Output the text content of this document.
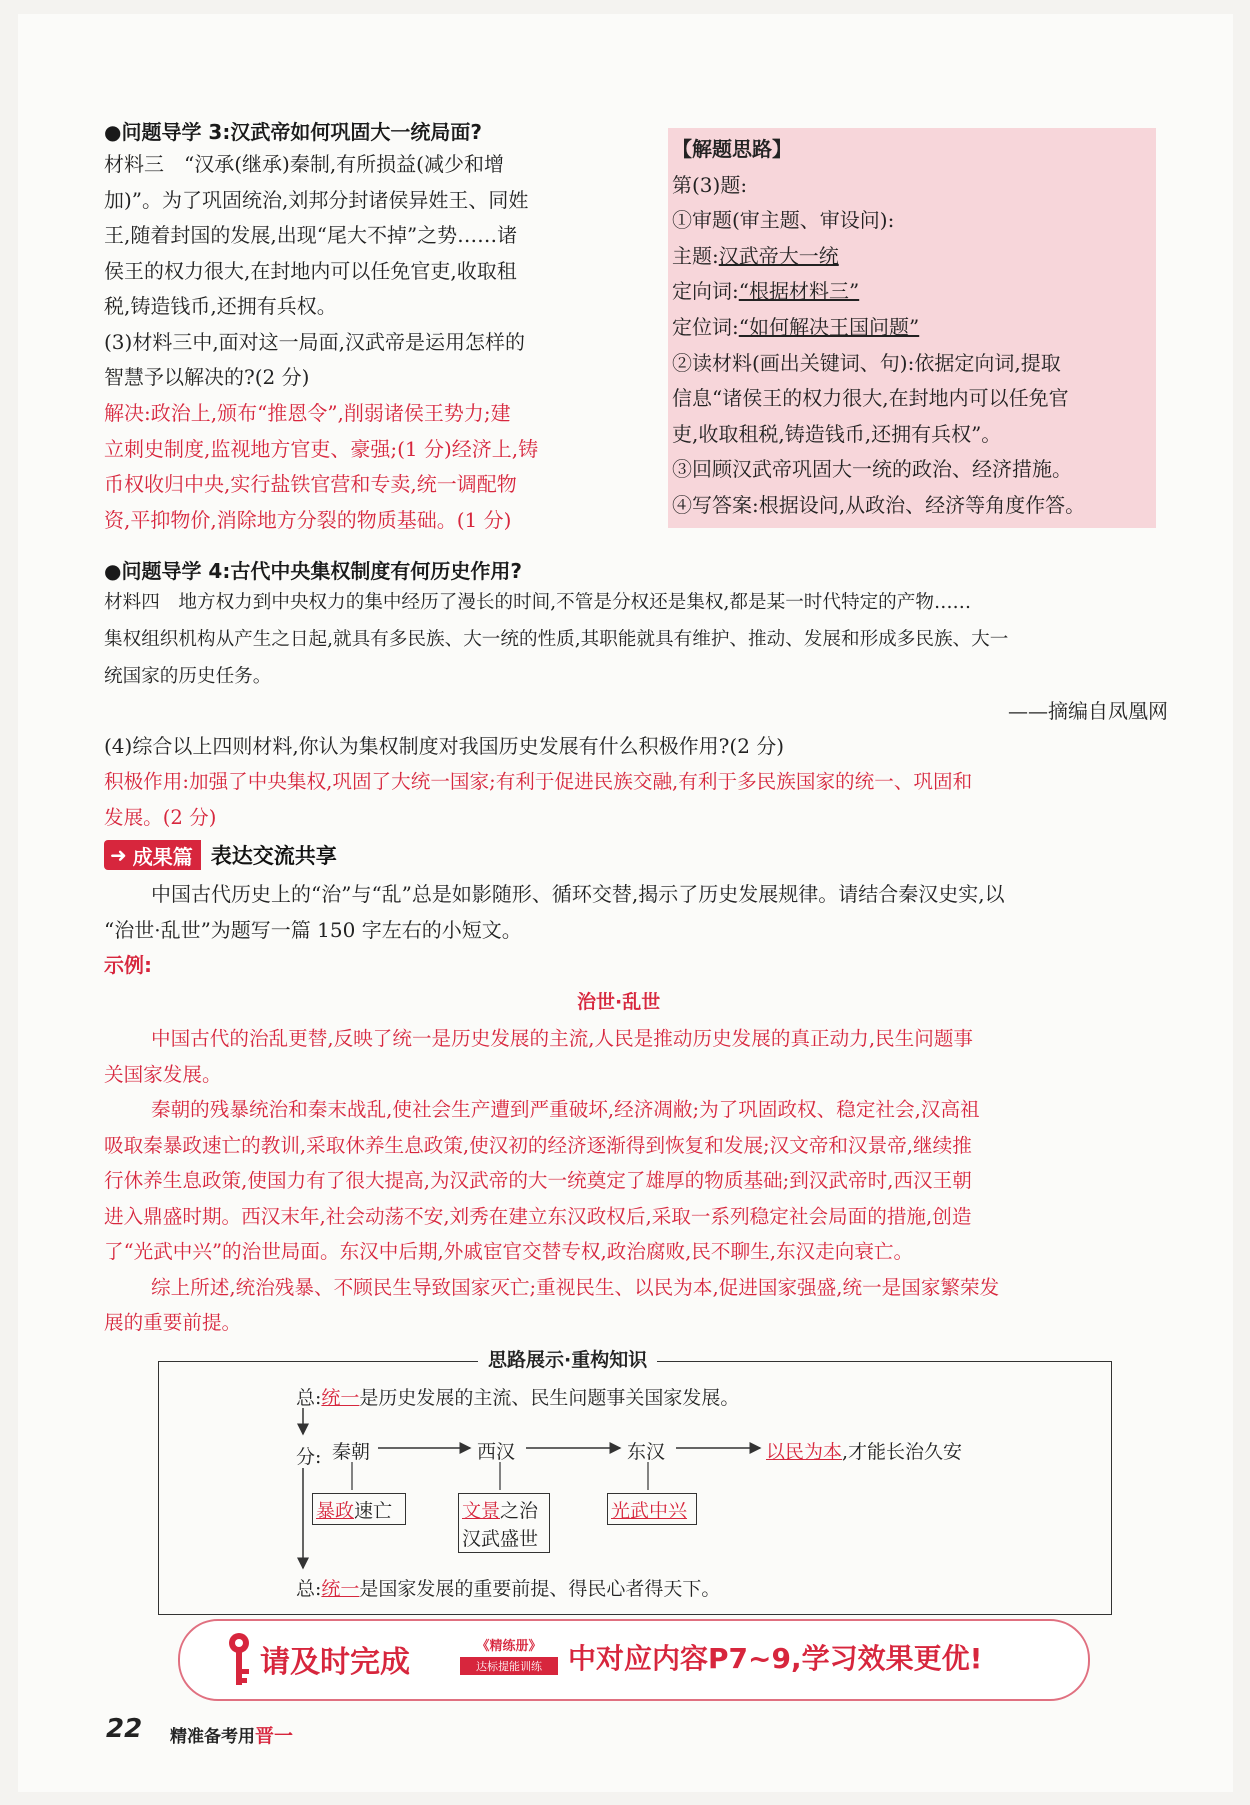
●问题导学 3:汉武帝如何巩固大一统局面?
材料三　“汉承(继承)秦制,有所损益(减少和增
加)”。为了巩固统治,刘邦分封诸侯异姓王、同姓
王,随着封国的发展,出现“尾大不掉”之势……诸
侯王的权力很大,在封地内可以任免官吏,收取租
税,铸造钱币,还拥有兵权。
(3)材料三中,面对这一局面,汉武帝是运用怎样的
智慧予以解决的?(2 分)
解决:政治上,颁布“推恩令”,削弱诸侯王势力;建
立刺史制度,监视地方官吏、豪强;(1 分)经济上,铸
币权收归中央,实行盐铁官营和专卖,统一调配物
资,平抑物价,消除地方分裂的物质基础。(1 分)
【解题思路】
第(3)题:
①审题(审主题、审设问):
主题:汉武帝大一统
定向词:“根据材料三”
定位词:“如何解决王国问题”
②读材料(画出关键词、句):依据定向词,提取
信息“诸侯王的权力很大,在封地内可以任免官
吏,收取租税,铸造钱币,还拥有兵权”。
③回顾汉武帝巩固大一统的政治、经济措施。
④写答案:根据设问,从政治、经济等角度作答。
●问题导学 4:古代中央集权制度有何历史作用?
材料四　地方权力到中央权力的集中经历了漫长的时间,不管是分权还是集权,都是某一时代特定的产物……
集权组织机构从产生之日起,就具有多民族、大一统的性质,其职能就具有维护、推动、发展和形成多民族、大一
统国家的历史任务。
——摘编自凤凰网
(4)综合以上四则材料,你认为集权制度对我国历史发展有什么积极作用?(2 分)
积极作用:加强了中央集权,巩固了大统一国家;有利于促进民族交融,有利于多民族国家的统一、巩固和
发展。(2 分)
➜ 成果篇 表达交流共享
中国古代历史上的“治”与“乱”总是如影随形、循环交替,揭示了历史发展规律。请结合秦汉史实,以
“治世·乱世”为题写一篇 150 字左右的小短文。
示例:
治世·乱世
中国古代的治乱更替,反映了统一是历史发展的主流,人民是推动历史发展的真正动力,民生问题事
关国家发展。
秦朝的残暴统治和秦末战乱,使社会生产遭到严重破坏,经济凋敝;为了巩固政权、稳定社会,汉高祖
吸取秦暴政速亡的教训,采取休养生息政策,使汉初的经济逐渐得到恢复和发展;汉文帝和汉景帝,继续推
行休养生息政策,使国力有了很大提高,为汉武帝的大一统奠定了雄厚的物质基础;到汉武帝时,西汉王朝
进入鼎盛时期。西汉末年,社会动荡不安,刘秀在建立东汉政权后,采取一系列稳定社会局面的措施,创造
了“光武中兴”的治世局面。东汉中后期,外戚宦官交替专权,政治腐败,民不聊生,东汉走向衰亡。
综上所述,统治残暴、不顾民生导致国家灭亡;重视民生、以民为本,促进国家强盛,统一是国家繁荣发
展的重要前提。
思路展示·重构知识
总:统一是历史发展的主流、民生问题事关国家发展。
分: 秦朝	西汉	东汉	以民为本,才能长治久安
暴政速亡	文景之治
汉武盛世
光武中兴
总:统一是国家发展的重要前提、得民心者得天下。
请及时完成	《精练册》
达标提能训练 中对应内容P7~9,学习效果更优!
22 精准备考用晋一
